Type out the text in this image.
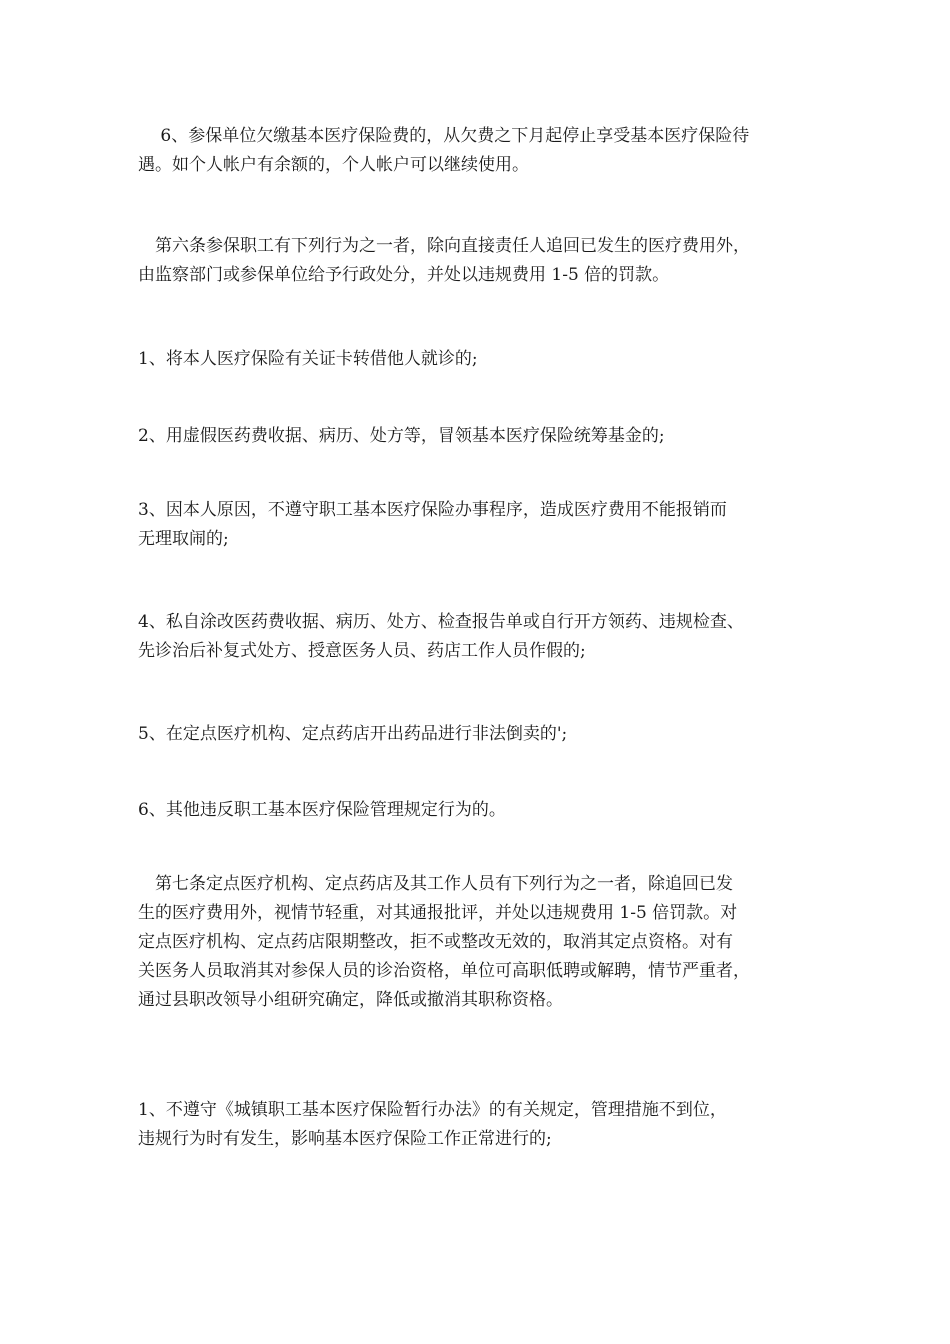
　 6、参保单位欠缴基本医疗保险费的，从欠费之下月起停止享受基本医疗保险待
遇。如个人帐户有余额的，个人帐户可以继续使用。

　第六条参保职工有下列行为之一者，除向直接责任人追回已发生的医疗费用外，
由监察部门或参保单位给予行政处分，并处以违规费用 1-5 倍的罚款。

1、将本人医疗保险有关证卡转借他人就诊的;

2、用虚假医药费收据、病历、处方等，冒领基本医疗保险统筹基金的;

3、因本人原因，不遵守职工基本医疗保险办事程序，造成医疗费用不能报销而
无理取闹的;

4、私自涂改医药费收据、病历、处方、检查报告单或自行开方领药、违规检查、
先诊治后补复式处方、授意医务人员、药店工作人员作假的;

5、在定点医疗机构、定点药店开出药品进行非法倒卖的';

6、其他违反职工基本医疗保险管理规定行为的。

　第七条定点医疗机构、定点药店及其工作人员有下列行为之一者，除追回已发
生的医疗费用外，视情节轻重，对其通报批评，并处以违规费用 1-5 倍罚款。对
定点医疗机构、定点药店限期整改，拒不或整改无效的，取消其定点资格。对有
关医务人员取消其对参保人员的诊治资格，单位可高职低聘或解聘，情节严重者，
通过县职改领导小组研究确定，降低或撤消其职称资格。

1、不遵守《城镇职工基本医疗保险暂行办法》的有关规定，管理措施不到位，
违规行为时有发生，影响基本医疗保险工作正常进行的;
